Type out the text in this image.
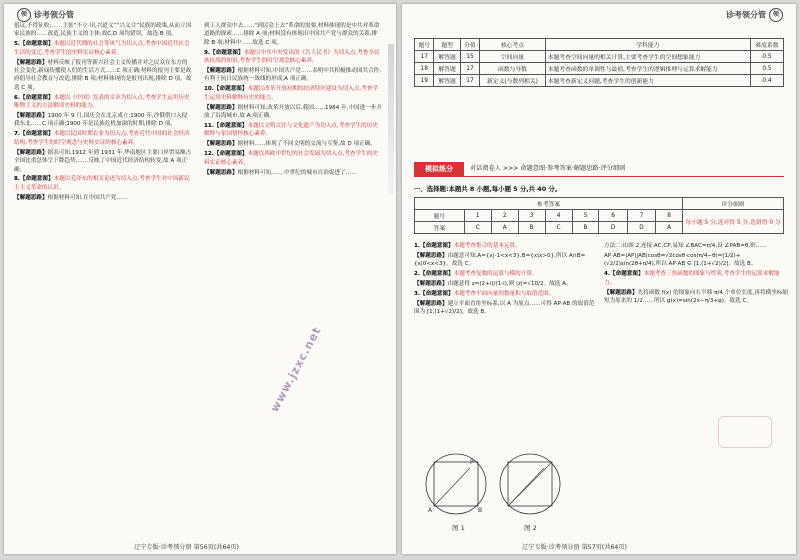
领 诊考领分管

倡议,不得征收;……主张“不立·田,兴道义”“兴义合”民族的政策,从而立国家民族的……改造,民族主义的主体;故C,D 项均错误。故选 B 项。

5.【命题意图】本题以近代期的社会等风气为切入点,考查中国近代社会生活的变迁,考查学生的史料实证核心素养。

【解题思路】材料反映了报刊等新兴社会主义传播并对之民众在东方的社会变化,新闻传播使人们的生活方式……C 项正确;材料的报刊主要是政府倡导社会教育与改造,排除 B 项;材料体现的是报刊出现,排除 D 项。故选 C 项。

6.【命题意图】本题以《中国》发表的文章为切入点,考查学生运用历史唯物主义的方法解读史料的能力。

【解题思路】1900 年 9 月,国庆会在北京成立;1900 年,沙俄借口入侵我东北……C 项正确;1900 年是民族危机加深的时期,排除 D 项。

7.【命题意图】本题以民国时期农业为切入点,考查近代中国的社会经济结构,考查学生的时空观念与史料实证的核心素养。

【解题思路】据表可知,1912 年到 1931 年,华南地区主要口岸贸易额占全国比重总体呈下降趋势,……反映了中国近代经济结构转变,故 A 项正确。

8.【命题意图】本题以毛泽东的相关论述为切入点,考查学生对中国新民主主义革命的认识。

【解题思路】根据材料可知,在中国共产党……

到工人群众中去……“到民众上去”革命的需要,材料体现的是中共对革命道路的探索……排除 A 项;材料没有体现出中国共产党与群众的关系,排除 B 项;材料中……故选 C 项。

9.【命题意图】本题以中共中央发出的《告人民书》为切入点,考查全民族抗战的知识,考查学生的时空观念核心素养。

【解题思路】根据材料可知,中国共产党……表明中共积极推动国共合作,有利于抗日民族统一战线的形成,A 项正确。

10.【命题意图】本题以改革开放初期的经济特区建设为切入点,考查学生运用史料解释历史的能力。

【解题思路】据材料可知,改革开放以后,我国……1984 年,中国进一步开放了沿海城市,故 A 项正确。

11.【命题意图】本题以文明交往与文化遗产为切入点,考查学生的历史解释与家国情怀核心素养。

【解题思路】据材料……体现了不同文明的交流与互鉴,故 D 项正确。

12.【命题意图】本题以西欧中世纪的社会发展为切入点,考查学生的史料实证核心素养。

【解题思路】根据材料可知,……中世纪的城市自治促进了……

辽宁专版·诊考领分册 第56页(共64页)
诊考领分管 领
题号	题型	分值	核心考点	学科能力	难度系数
17	解答题	15	空间向量	本题考查空间向量的相关计算,主要考查学生的空间想象能力	0.5
18	解答题	17	函数与导数	本题考查函数的单调性与最值,考查学生的逻辑推理与运算求解能力	0.5
19	解答题	17	新定义(与数列相关)	本题考查新定义问题,考查学生的创新能力	0.4
模拟练分	对话阅卷人 >>> 命题意图·参考答案·解题思路·评分细则
一、选择题:本题共 8 小题,每小题 5 分,共 40 分。
参考答案									评分细则
题号	1	2	3	4	5	6	7	8	每小题 5 分,选对得 5 分,选错得 0 分
答案	C	A	B	C	B	D	D	A	

1.【命题意图】本题考查集合的基本运算。

【解题思路】由题意可知,A={x|-1<x<3},B={x|x>0},所以 A∩B={x|0<x<3}。故选 C。

2.【命题意图】本题考查复数的运算与模的计算。

【解题思路】由题意得 z=(2+i)/(1-i),则 |z|=√10/2。故选 A。

3.【命题意图】本题考查平面向量的数量积与取值范围。

【解题思路】建立平面直角坐标系,以 A 为原点……可得 AP·AB 的取值范围为 [1,(1+√2)/2]。故选 B。

方法二:由图 2,连接 AC,CP,易知 ∠BAC=π/4,设 ∠PAB=θ,则……

AP·AB=|AP||AB|cosθ=√2cosθ·cos(π/4−θ)=(1/2)+(√2/2)sin(2θ+π/4),所以 AP·AB ∈ [1,(1+√2)/2]。故选 B。

4.【命题意图】本题考查三角函数的图象与性质,考查学生的运算求解能力。

【解题思路】先将函数 f(x) 的图象向右平移 π/4 个单位长度,再将横坐标缩短为原来的 1/2……所以 g(x)=sin(2x−π/3+φ)。故选 C。

A	B
P
图 1	图 2
辽宁专版·诊考领分册 第57页(共64页)
